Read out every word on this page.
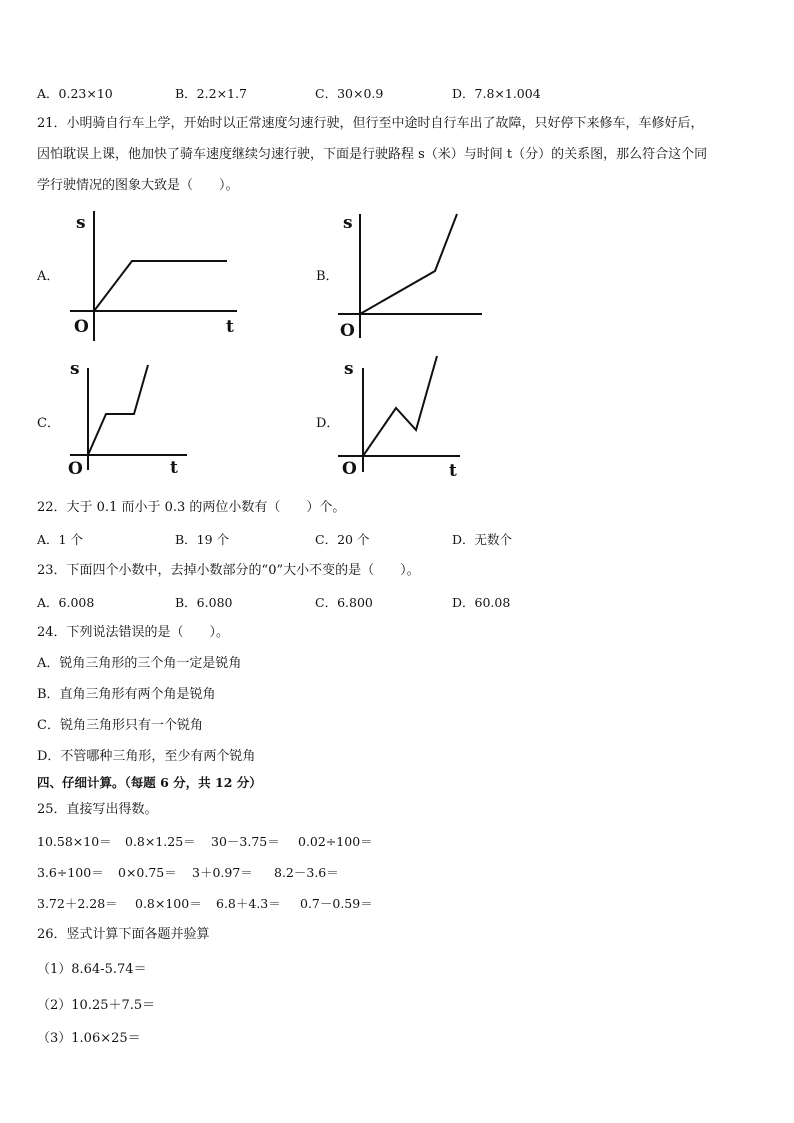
A．0.23×10	B．2.2×1.7	C．30×0.9	D．7.8×1.004
21．小明骑自行车上学，开始时以正常速度匀速行驶，但行至中途时自行车出了故障，只好停下来修车，车修好后，
因怕耽误上课，他加快了骑车速度继续匀速行驶，下面是行驶路程 s（米）与时间 t（分）的关系图，那么符合这个同
学行驶情况的图象大致是（　　）。
A．
s
O	t
B．
s
O
C．
s
O	t
D．
s
O	t
22．大于 0.1 而小于 0.3 的两位小数有（　　）个。
A．1 个	B．19 个	C．20 个	D．无数个
23．下面四个小数中，去掉小数部分的“0”大小不变的是（　　）。
A．6.008	B．6.080	C．6.800	D．60.08
24．下列说法错误的是（　　）。
A．锐角三角形的三个角一定是锐角
B．直角三角形有两个角是锐角
C．锐角三角形只有一个锐角
D．不管哪种三角形，至少有两个锐角
四、仔细计算。（每题 6 分，共 12 分）
25．直接写出得数。
10.58×10＝ 0.8×1.25＝ 30－3.75＝ 0.02÷100＝
3.6÷100＝ 0×0.75＝ 3＋0.97＝ 8.2－3.6＝
3.72＋2.28＝ 0.8×100＝ 6.8＋4.3＝ 0.7－0.59＝
26．竖式计算下面各题并验算
（1）8.64-5.74＝
（2）10.25＋7.5＝
（3）1.06×25＝
